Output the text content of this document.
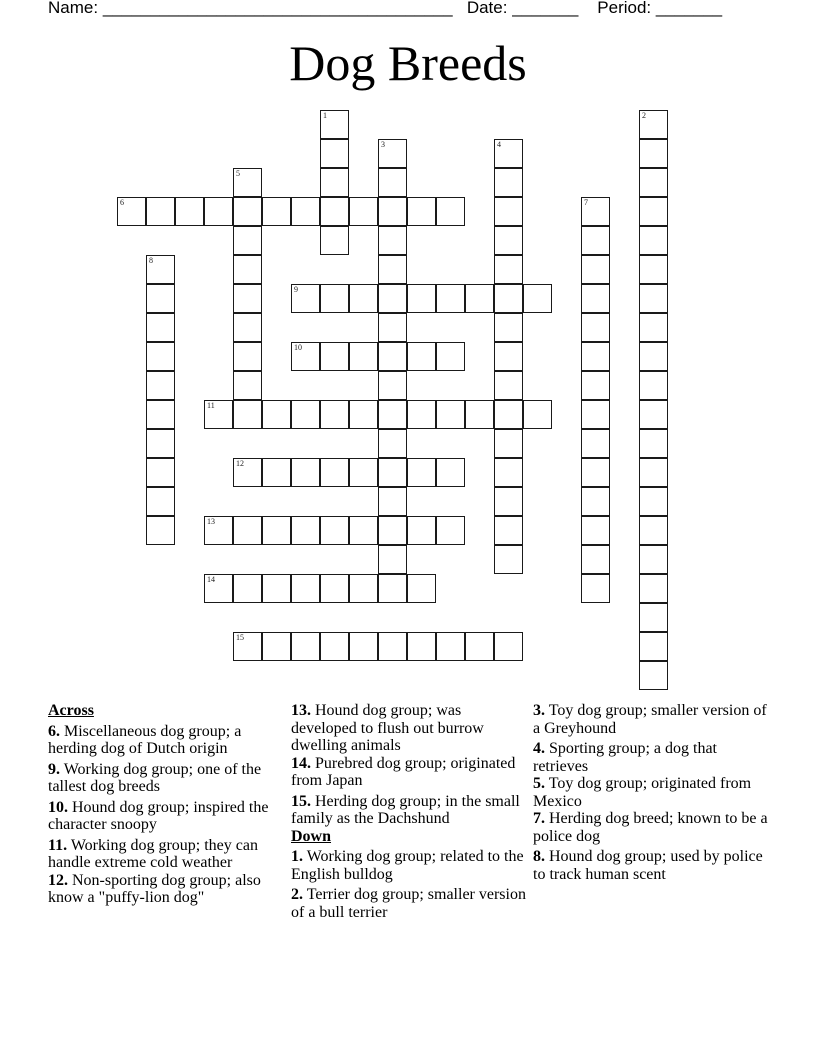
Name: _____________________________________ Date: _______ Period: _______
Dog Breeds
1	2
3	4
5
6	7
8
9
10
11
12
13
14
15
Across
6. Miscellaneous dog group; a herding dog of Dutch origin
9. Working dog group; one of the tallest dog breeds
10. Hound dog group; inspired the character snoopy
11. Working dog group; they can handle extreme cold weather
12. Non-sporting dog group; also know a "puffy-lion dog"
13. Hound dog group; was developed to flush out burrow dwelling animals
14. Purebred dog group; originated from Japan
15. Herding dog group; in the small family as the Dachshund
Down
1. Working dog group; related to the English bulldog
2. Terrier dog group; smaller version of a bull terrier
3. Toy dog group; smaller version of a Greyhound
4. Sporting group; a dog that retrieves
5. Toy dog group; originated from Mexico
7. Herding dog breed; known to be a police dog
8. Hound dog group; used by police to track human scent
